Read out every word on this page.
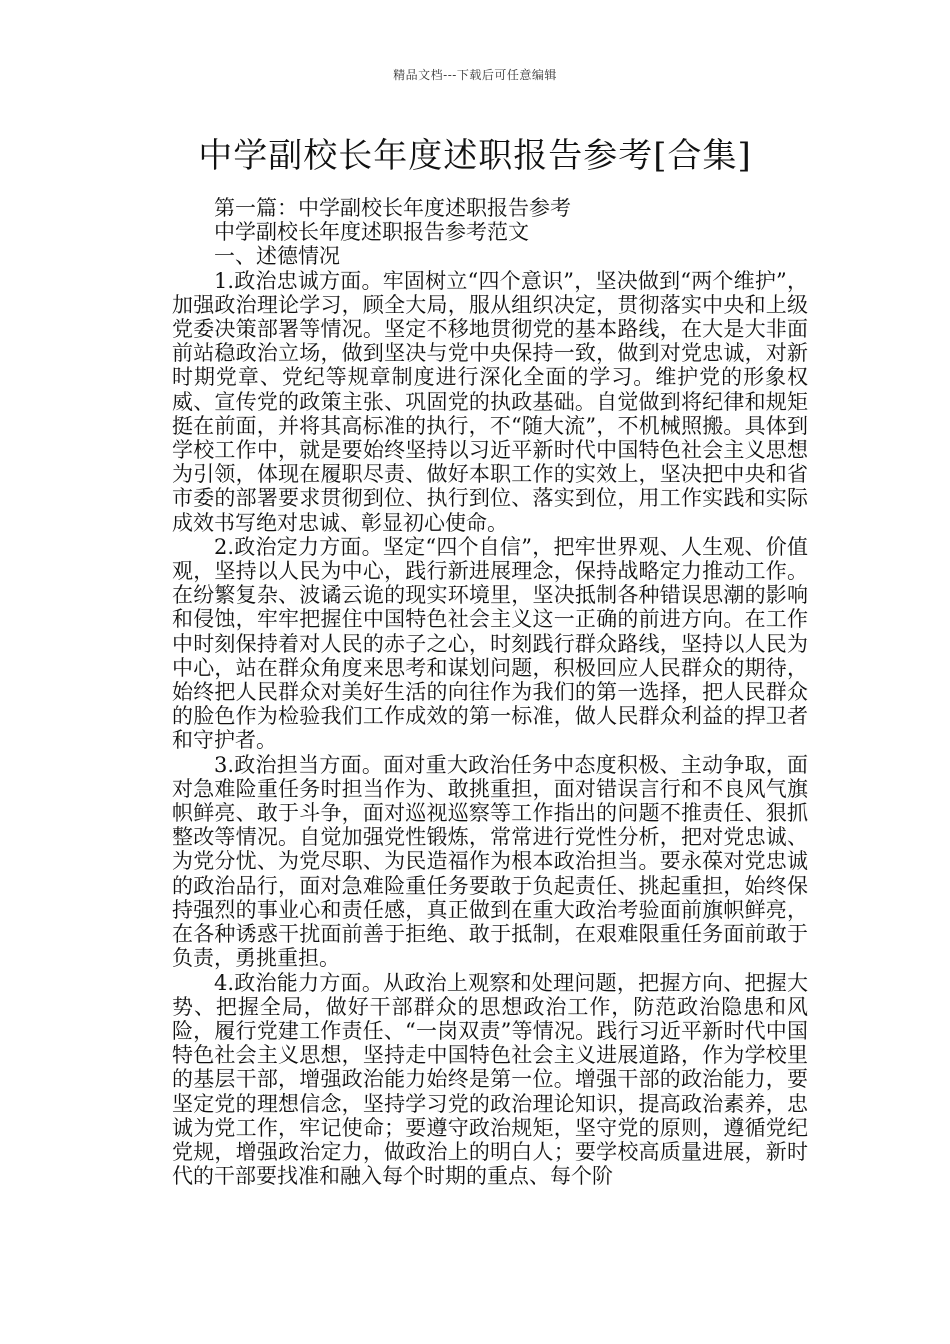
精品文档---下载后可任意编辑
中学副校长年度述职报告参考[合集]

第一篇：中学副校长年度述职报告参考

中学副校长年度述职报告参考范文

一、述德情况

1.政治忠诚方面。牢固树立“四个意识”，坚决做到“两个维护”，加强政治理论学习，顾全大局，服从组织决定，贯彻落实中央和上级党委决策部署等情况。坚定不移地贯彻党的基本路线，在大是大非面前站稳政治立场，做到坚决与党中央保持一致，做到对党忠诚，对新时期党章、党纪等规章制度进行深化全面的学习。维护党的形象权威、宣传党的政策主张、巩固党的执政基础。自觉做到将纪律和规矩挺在前面，并将其高标准的执行，不“随大流”，不机械照搬。具体到学校工作中，就是要始终坚持以习近平新时代中国特色社会主义思想为引领，体现在履职尽责、做好本职工作的实效上，坚决把中央和省市委的部署要求贯彻到位、执行到位、落实到位，用工作实践和实际成效书写绝对忠诚、彰显初心使命。

2.政治定力方面。坚定“四个自信”，把牢世界观、人生观、价值观，坚持以人民为中心，践行新进展理念，保持战略定力推动工作。在纷繁复杂、波谲云诡的现实环境里，坚决抵制各种错误思潮的影响和侵蚀，牢牢把握住中国特色社会主义这一正确的前进方向。在工作中时刻保持着对人民的赤子之心，时刻践行群众路线，坚持以人民为中心，站在群众角度来思考和谋划问题，积极回应人民群众的期待，始终把人民群众对美好生活的向往作为我们的第一选择，把人民群众的脸色作为检验我们工作成效的第一标准，做人民群众利益的捍卫者和守护者。

3.政治担当方面。面对重大政治任务中态度积极、主动争取，面对急难险重任务时担当作为、敢挑重担，面对错误言行和不良风气旗帜鲜亮、敢于斗争，面对巡视巡察等工作指出的问题不推责任、狠抓整改等情况。自觉加强党性锻炼，常常进行党性分析，把对党忠诚、为党分忧、为党尽职、为民造福作为根本政治担当。要永葆对党忠诚的政治品行，面对急难险重任务要敢于负起责任、挑起重担，始终保持强烈的事业心和责任感，真正做到在重大政治考验面前旗帜鲜亮，在各种诱惑干扰面前善于拒绝、敢于抵制，在艰难限重任务面前敢于负责，勇挑重担。

4.政治能力方面。从政治上观察和处理问题，把握方向、把握大势、把握全局，做好干部群众的思想政治工作，防范政治隐患和风险，履行党建工作责任、“一岗双责”等情况。践行习近平新时代中国特色社会主义思想，坚持走中国特色社会主义进展道路，作为学校里的基层干部，增强政治能力始终是第一位。增强干部的政治能力，要坚定党的理想信念，坚持学习党的政治理论知识，提高政治素养，忠诚为党工作，牢记使命；要遵守政治规矩，坚守党的原则，遵循党纪党规，增强政治定力，做政治上的明白人；要学校高质量进展，新时代的干部要找准和融入每个时期的重点、每个阶
